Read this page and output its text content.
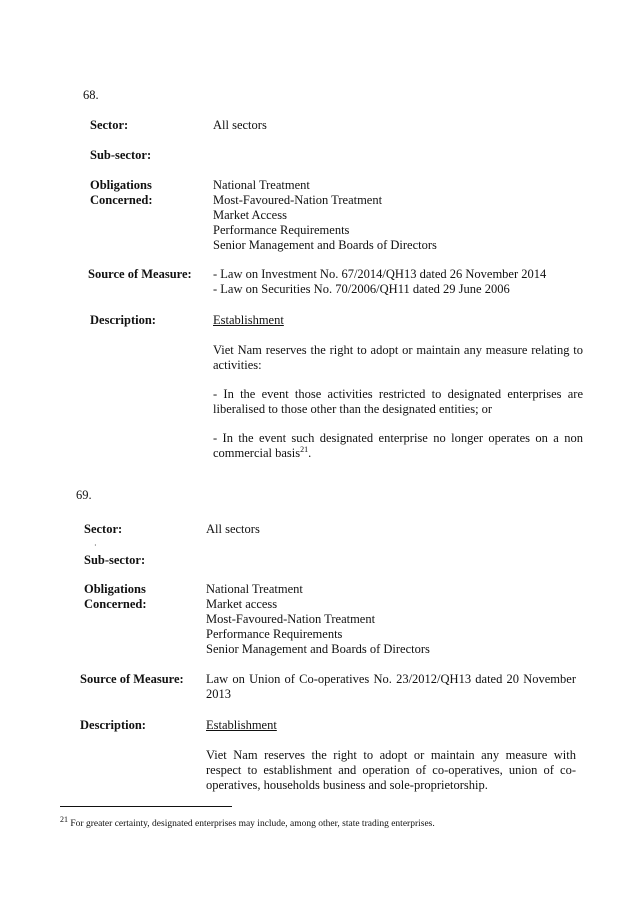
68.
Sector:	All sectors
Sub-sector:
Obligations
Concerned:
National Treatment
Most-Favoured-Nation Treatment
Market Access
Performance Requirements
Senior Management and Boards of Directors
Source of Measure: - Law on Investment No. 67/2014/QH13 dated 26 November 2014
- Law on Securities No. 70/2006/QH11 dated 29 June 2006
Description:	Establishment
Viet Nam reserves the right to adopt or maintain any measure relating to activities:
- In the event those activities restricted to designated enterprises are liberalised to those other than the designated entities; or
- In the event such designated enterprise no longer operates on a non commercial basis$^{21}$.
69.
Sector:	All sectors
·
Sub-sector:
Obligations
Concerned:
National Treatment
Market access
Most-Favoured-Nation Treatment
Performance Requirements
Senior Management and Boards of Directors
Source of Measure: Law on Union of Co-operatives No. 23/2012/QH13 dated 20 November 2013
Description:	Establishment
Viet Nam reserves the right to adopt or maintain any measure with respect to establishment and operation of co-operatives, union of co-operatives, households business and sole-proprietorship.
$^{21}$ For greater certainty, designated enterprises may include, among other, state trading enterprises.
